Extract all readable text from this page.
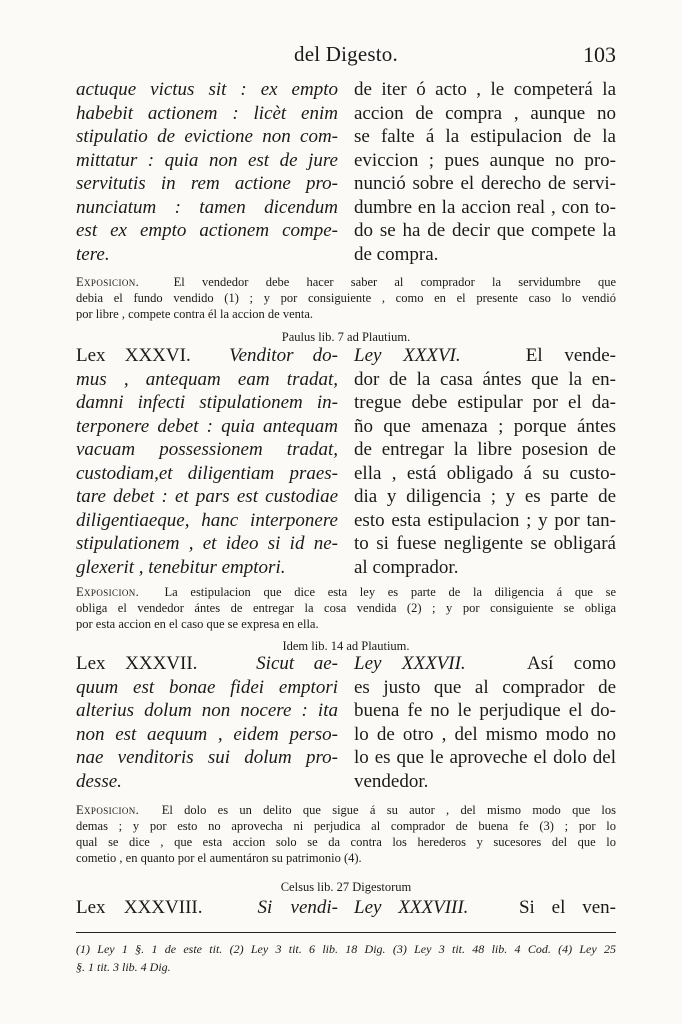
del Digesto.	103
actuque victus sit : ex empto
habebit actionem : licèt enim
stipulatio de evictione non com-
mittatur : quia non est de jure
servitutis in rem actione pro-
nunciatum : tamen dicendum
est ex empto actionem compe-
tere.
de iter ó acto , le competerá la
accion de compra , aunque no
se falte á la estipulacion de la
eviccion ; pues aunque no pro-
nunció sobre el derecho de servi-
dumbre en la accion real , con to-
do se ha de decir que compete la
de compra.
Exposicion.	El vendedor debe hacer saber al comprador la servidumbre que
debia el fundo vendido (1) ; y por consiguiente , como en el presente caso lo vendió
por libre , compete contra él la accion de venta.
Paulus lib. 7 ad Plautium.
Lex XXXVI. Venditor do-
mus , antequam eam tradat,
damni infecti stipulationem in-
terponere debet : quia antequam
vacuam possessionem tradat,
custodiam,et diligentiam praes-
tare debet : et pars est custodiae
diligentiaeque, hanc interponere
stipulationem , et ideo si id ne-
glexerit , tenebitur emptori.
Ley XXXVI.	El vende-
dor de la casa ántes que la en-
tregue debe estipular por el da-
ño que amenaza ; porque ántes
de entregar la libre posesion de
ella , está obligado á su custo-
dia y diligencia ; y es parte de
esto esta estipulacion ; y por tan-
to si fuese negligente se obligará
al comprador.
Exposicion. La estipulacion que dice esta ley es parte de la diligencia á que se
obliga el vendedor ántes de entregar la cosa vendida (2) ; y por consiguiente se obliga
por esta accion en el caso que se expresa en ella.
Idem lib. 14 ad Plautium.
Lex XXXVII.	Sicut ae-
quum est bonae fidei emptori
alterius dolum non nocere : ita
non est aequum , eidem perso-
nae venditoris sui dolum pro-
desse.
Ley XXXVII.	Así como
es justo que al comprador de
buena fe no le perjudique el do-
lo de otro , del mismo modo no
lo es que le aproveche el dolo del
vendedor.
Exposicion. El dolo es un delito que sigue á su autor , del mismo modo que los
demas ; y por esto no aprovecha ni perjudica al comprador de buena fe (3) ; por lo
qual se dice , que esta accion solo se da contra los herederos y sucesores del que lo
cometio , en quanto por el aumentáron su patrimonio (4).
Celsus lib. 27 Digestorum
Lex XXXVIII.	Si vendi- Ley XXXVIII.	Si el ven-
(1) Ley 1 §. 1 de este tit. (2) Ley 3 tit. 6 lib. 18 Dig. (3) Ley 3 tit. 48 lib. 4 Cod. (4) Ley 25
§. 1 tit. 3 lib. 4 Dig.
